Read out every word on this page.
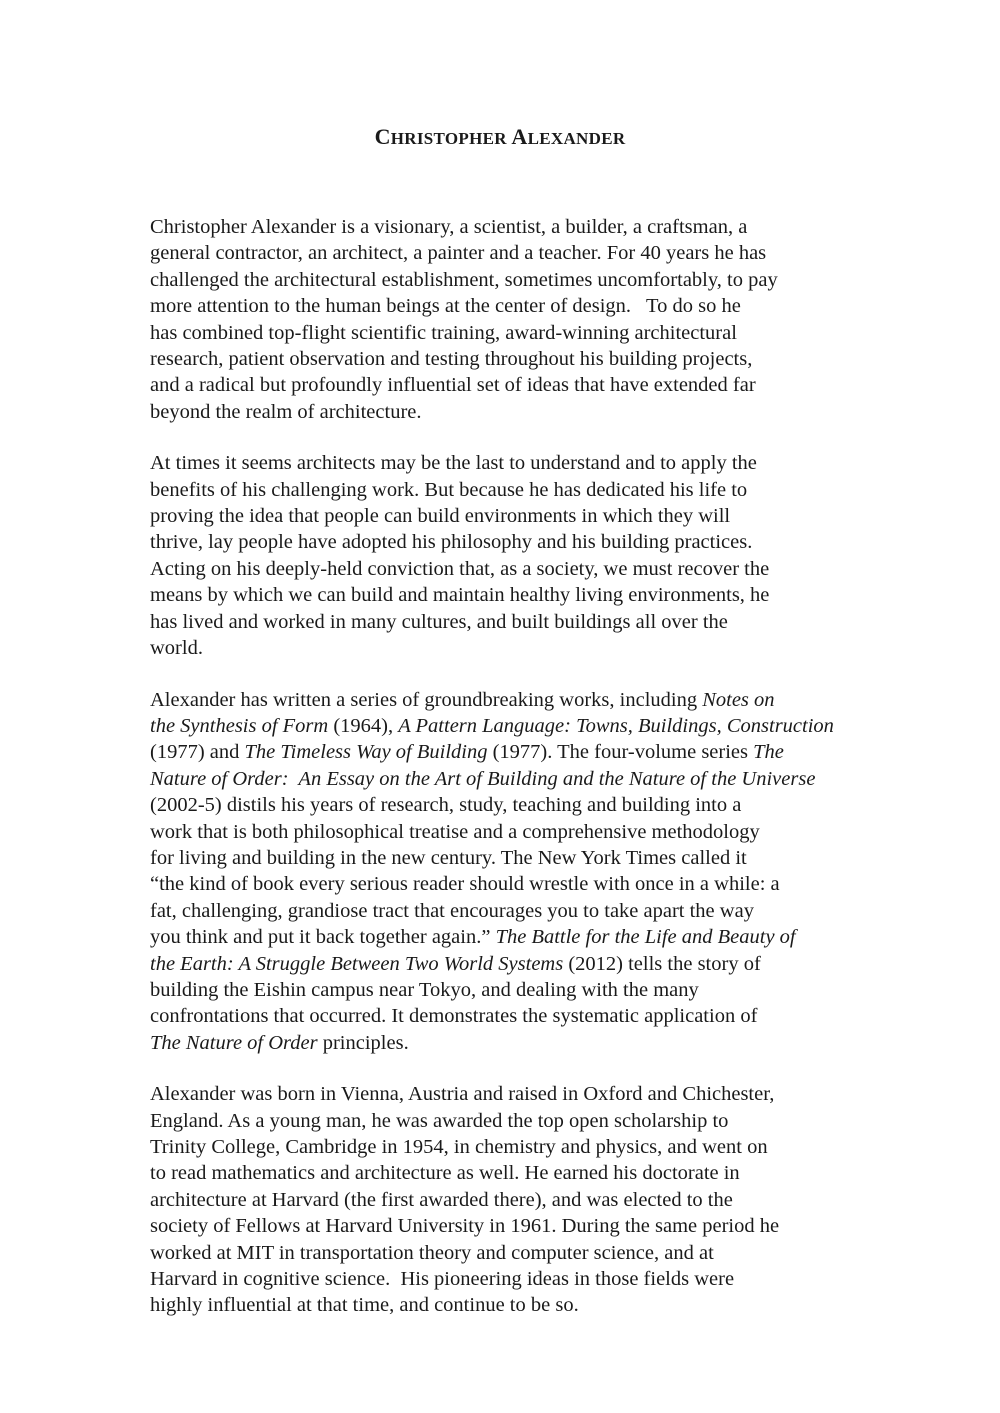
CHRISTOPHER ALEXANDER

Christopher Alexander is a visionary, a scientist, a builder, a craftsman, a
general contractor, an architect, a painter and a teacher. For 40 years he has
challenged the architectural establishment, sometimes uncomfortably, to pay
more attention to the human beings at the center of design.   To do so he
has combined top-flight scientific training, award-winning architectural
research, patient observation and testing throughout his building projects,
and a radical but profoundly influential set of ideas that have extended far
beyond the realm of architecture.

At times it seems architects may be the last to understand and to apply the
benefits of his challenging work. But because he has dedicated his life to
proving the idea that people can build environments in which they will
thrive, lay people have adopted his philosophy and his building practices.
Acting on his deeply-held conviction that, as a society, we must recover the
means by which we can build and maintain healthy living environments, he
has lived and worked in many cultures, and built buildings all over the
world.

Alexander has written a series of groundbreaking works, including Notes on
the Synthesis of Form (1964), A Pattern Language: Towns, Buildings, Construction
(1977) and The Timeless Way of Building (1977). The four-volume series The
Nature of Order:  An Essay on the Art of Building and the Nature of the Universe
(2002-5) distils his years of research, study, teaching and building into a
work that is both philosophical treatise and a comprehensive methodology
for living and building in the new century. The New York Times called it
“the kind of book every serious reader should wrestle with once in a while: a
fat, challenging, grandiose tract that encourages you to take apart the way
you think and put it back together again.” The Battle for the Life and Beauty of
the Earth: A Struggle Between Two World Systems (2012) tells the story of
building the Eishin campus near Tokyo, and dealing with the many
confrontations that occurred. It demonstrates the systematic application of
The Nature of Order principles.

Alexander was born in Vienna, Austria and raised in Oxford and Chichester,
England. As a young man, he was awarded the top open scholarship to
Trinity College, Cambridge in 1954, in chemistry and physics, and went on
to read mathematics and architecture as well. He earned his doctorate in
architecture at Harvard (the first awarded there), and was elected to the
society of Fellows at Harvard University in 1961. During the same period he
worked at MIT in transportation theory and computer science, and at
Harvard in cognitive science.  His pioneering ideas in those fields were
highly influential at that time, and continue to be so.
